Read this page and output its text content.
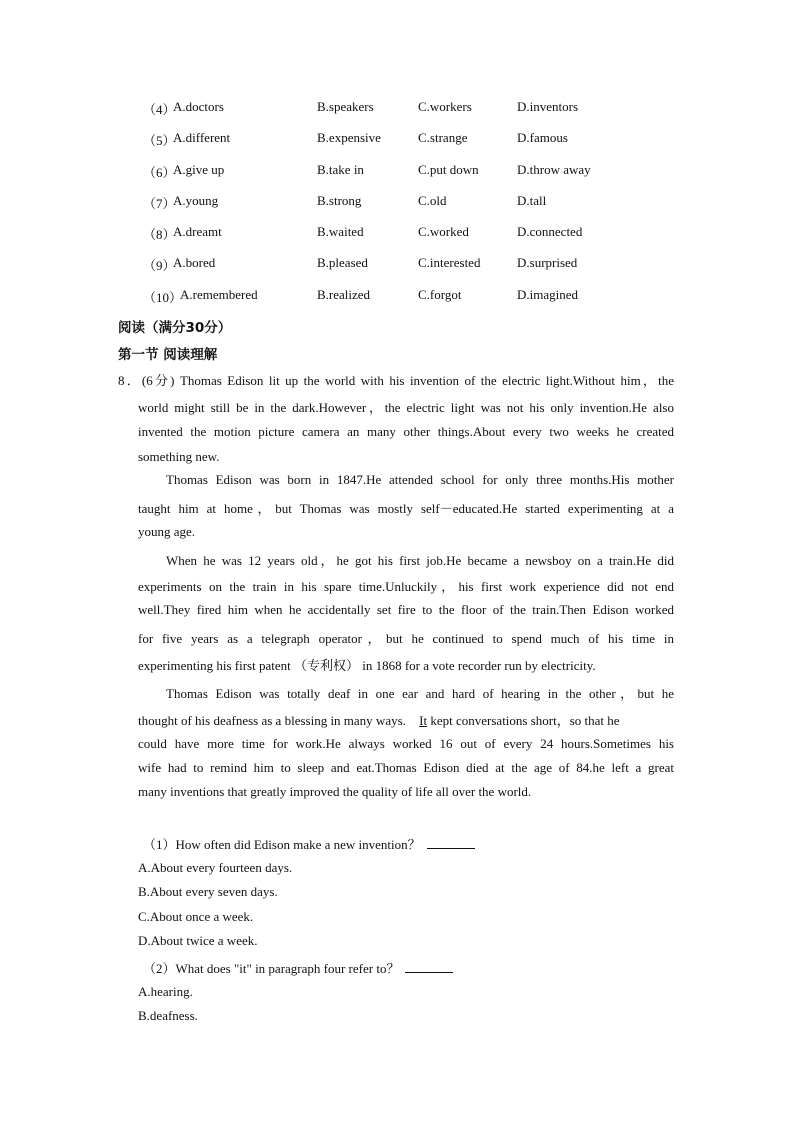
（4）
A.doctors	B.speakers	C.workers	D.inventors
（5）
A.different	B.expensive	C.strange	D.famous
（6）
A.give up	B.take in	C.put down	D.throw away
（7）
A.young	B.strong	C.old	D.tall
（8）
A.dreamt	B.waited	C.worked	D.connected
（9）
A.bored	B.pleased	C.interested	D.surprised
（10）
A.remembered	B.realized	C.forgot	D.imagined
阅读（满分30分）
第一节 阅读理解
8．(6分) Thomas Edison lit up the world with his invention of the electric light.Without him，the
world might still be in the dark.However，the electric light was not his only invention.He also
invented the motion picture camera an many other things.About every two weeks he created
something new.
Thomas Edison was born in 1847.He attended school for only three months.His mother
taught him at home，but Thomas was mostly self－educated.He started experimenting at a
young age.
When he was 12 years old，he got his first job.He became a newsboy on a train.He did
experiments on the train in his spare time.Unluckily，his first work experience did not end
well.They fired him when he accidentally set fire to the floor of the train.Then Edison worked
for five years as a telegraph operator，but he continued to spend much of his time in
experimenting his first patent （专利权） in 1868 for a vote recorder run by electricity.
Thomas Edison was totally deaf in one ear and hard of hearing in the other，but he
thought of his deafness as a blessing in many ways. It kept conversations short，so that he
could have more time for work.He always worked 16 out of every 24 hours.Sometimes his
wife had to remind him to sleep and eat.Thomas Edison died at the age of 84.he left a great
many inventions that greatly improved the quality of life all over the world.
（1）How often did Edison make a new invention？
A.About every fourteen days.
B.About every seven days.
C.About once a week.
D.About twice a week.
（2）What does "it" in paragraph four refer to？
A.hearing.
B.deafness.
